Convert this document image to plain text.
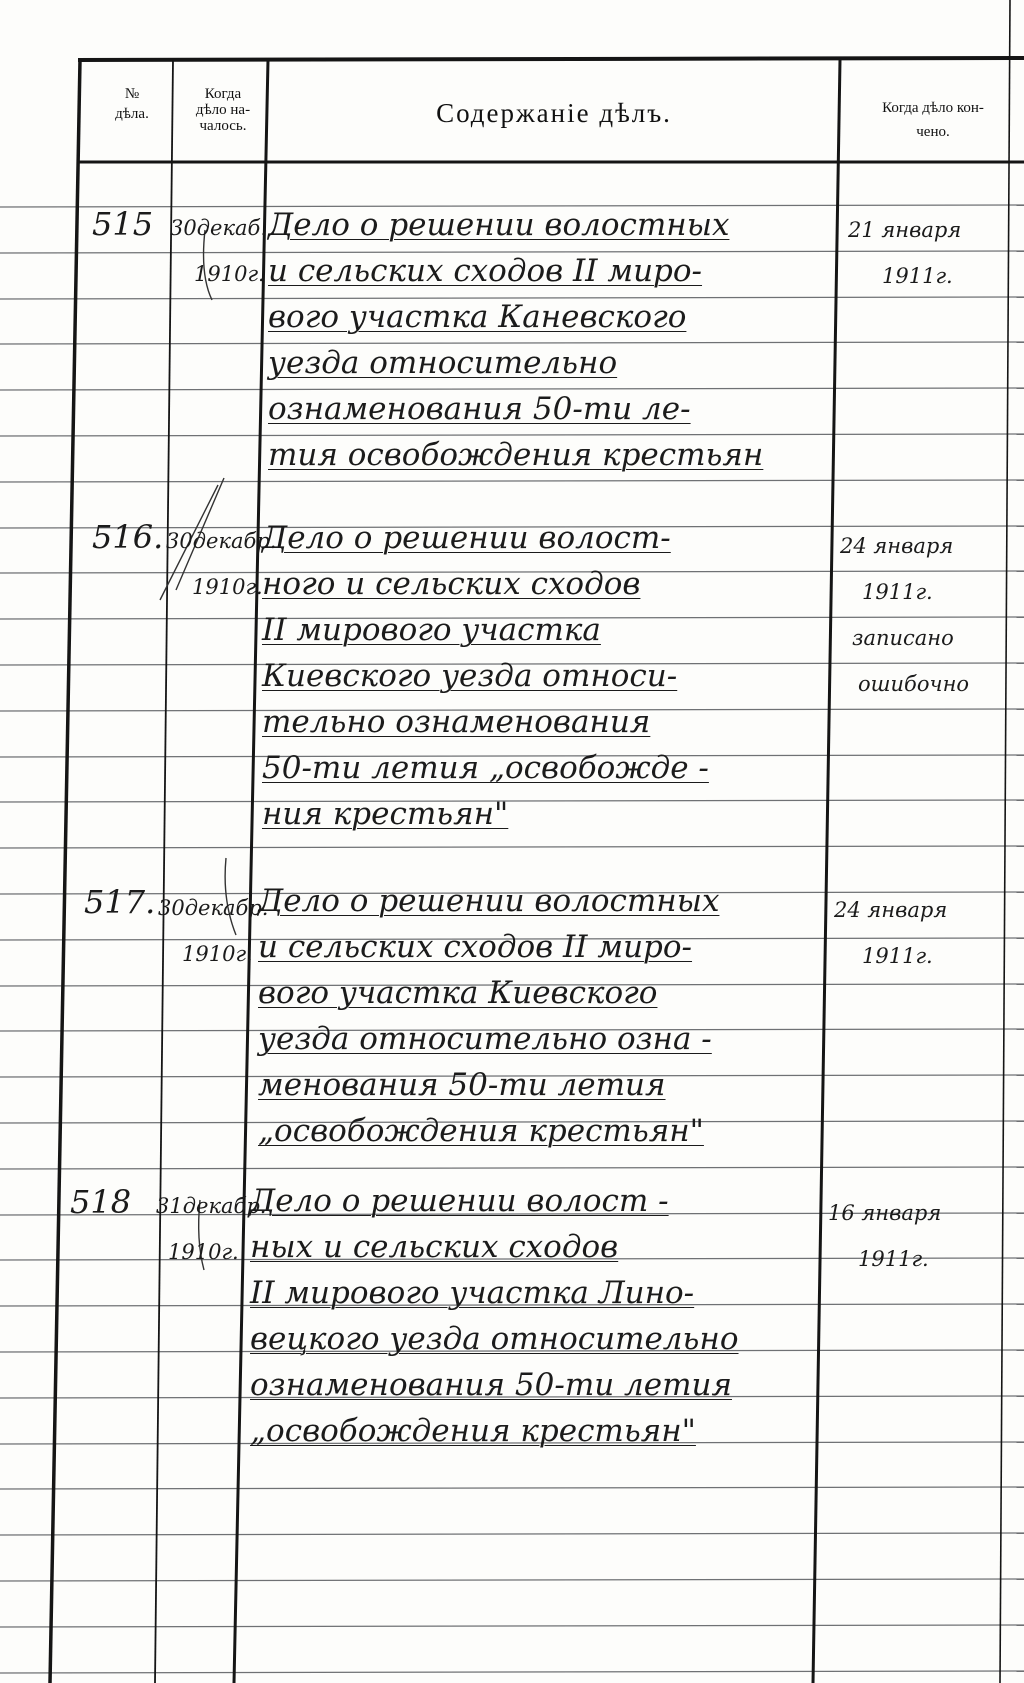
№
дѣла.
Когда
дѣло на-
чалось.	Содержаніе дѣлъ.	Когда дѣло кон-
чено.
515 30декаб.
1910г.
Дело о решении волостных
и сельских сходов II миро-
вого участка Каневского
уезда относительно
ознаменования 50-ти ле-
тия освобождения крестьян
21 января
1911г.
516. 30декабр.
1910г.
Дело о решении волост-
ного и сельских сходов
II мирового участка
Киевского уезда относи-
тельно ознаменования
50-ти летия „освобожде -
ния крестьян"
24 января
1911г.
записано
ошибочно
517. 30декабр.
1910г.
Дело о решении волостных
и сельских сходов II миро-
вого участка Киевского
уезда относительно озна -
менования 50-ти летия
„освобождения крестьян"
24 января
1911г.
518 31декабр.
1910г.
Дело о решении волост -
ных и сельских сходов
II мирового участка Лино-
вецкого уезда относительно
ознаменования 50-ти летия
„освобождения крестьян"
16 января
1911г.
